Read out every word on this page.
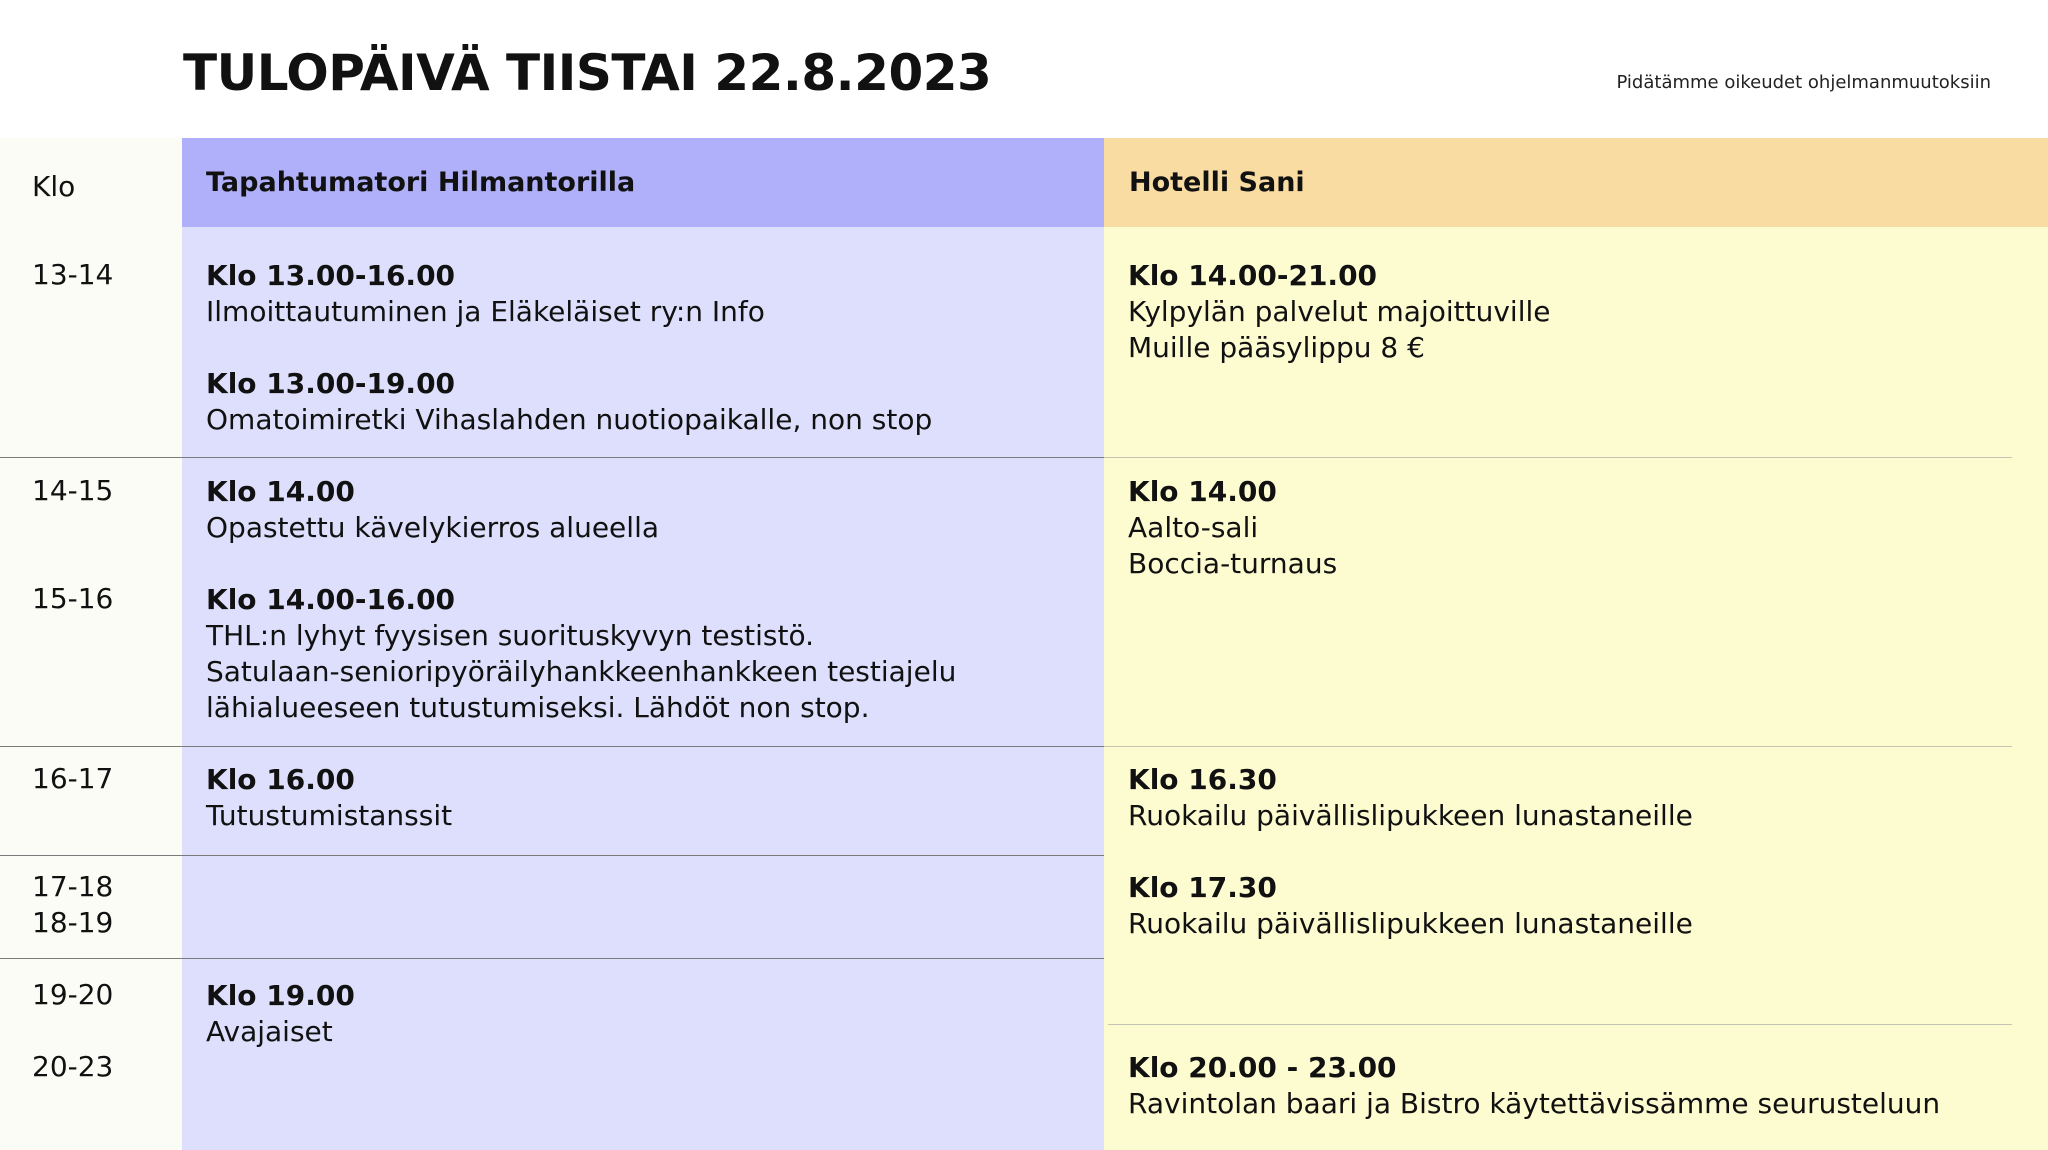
TULOPÄIVÄ TIISTAI 22.8.2023	Pidätämme oikeudet ohjelmanmuutoksiin
Tapahtumatori Hilmantorilla	Hotelli Sani
Klo
13-14
14-15
15-16
16-17
17-18
18-19
19-20
20-23
Klo 13.00-16.00
Ilmoittautuminen ja Eläkeläiset ry:n Info
Klo 13.00-19.00
Omatoimiretki Vihaslahden nuotiopaikalle, non stop
Klo 14.00
Opastettu kävelykierros alueella
Klo 14.00-16.00
THL:n lyhyt fyysisen suorituskyvyn testistö.
Satulaan-senioripyöräilyhankkeenhankkeen testiajelu
lähialueeseen tutustumiseksi. Lähdöt non stop.
Klo 16.00
Tutustumistanssit
Klo 19.00
Avajaiset
Klo 14.00-21.00
Kylpylän palvelut majoittuville
Muille pääsylippu 8 €
Klo 14.00
Aalto-sali
Boccia-turnaus
Klo 16.30
Ruokailu päivällislipukkeen lunastaneille
Klo 17.30
Ruokailu päivällislipukkeen lunastaneille
Klo 20.00 - 23.00
Ravintolan baari ja Bistro käytettävissämme seurusteluun
